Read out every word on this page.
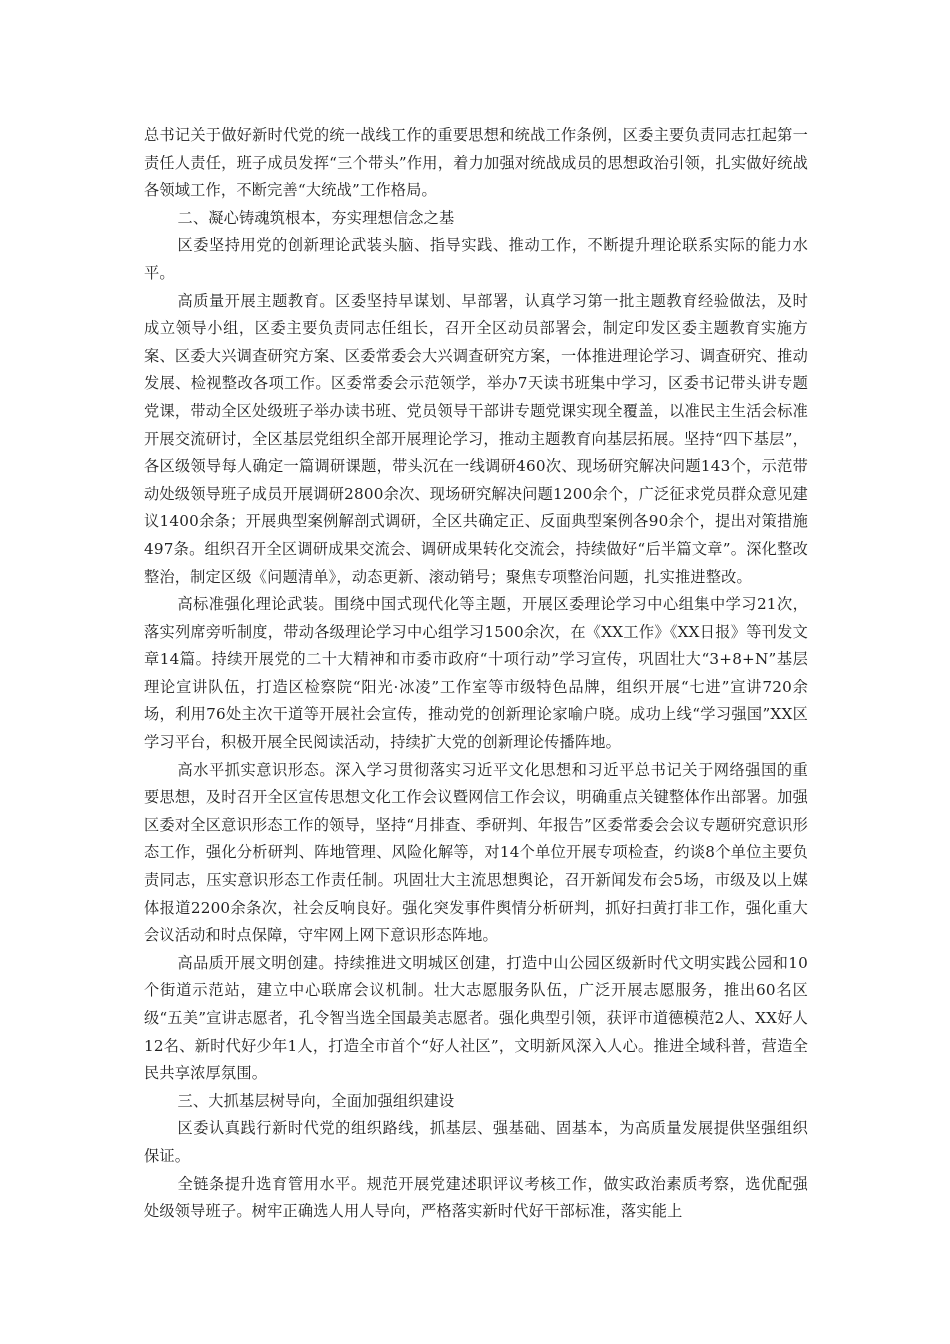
总书记关于做好新时代党的统一战线工作的重要思想和统战工作条例，区委主要负责同志扛起第一责任人责任，班子成员发挥“三个带头”作用，着力加强对统战成员的思想政治引领，扎实做好统战各领域工作，不断完善“大统战”工作格局。

二、凝心铸魂筑根本，夯实理想信念之基

区委坚持用党的创新理论武装头脑、指导实践、推动工作，不断提升理论联系实际的能力水平。

高质量开展主题教育。区委坚持早谋划、早部署，认真学习第一批主题教育经验做法，及时成立领导小组，区委主要负责同志任组长，召开全区动员部署会，制定印发区委主题教育实施方案、区委大兴调查研究方案、区委常委会大兴调查研究方案，一体推进理论学习、调查研究、推动发展、检视整改各项工作。区委常委会示范领学，举办7天读书班集中学习，区委书记带头讲专题党课，带动全区处级班子举办读书班、党员领导干部讲专题党课实现全覆盖，以准民主生活会标准开展交流研讨，全区基层党组织全部开展理论学习，推动主题教育向基层拓展。坚持“四下基层”，各区级领导每人确定一篇调研课题，带头沉在一线调研460次、现场研究解决问题143个，示范带动处级领导班子成员开展调研2800余次、现场研究解决问题1200余个，广泛征求党员群众意见建议1400余条；开展典型案例解剖式调研，全区共确定正、反面典型案例各90余个，提出对策措施497条。组织召开全区调研成果交流会、调研成果转化交流会，持续做好“后半篇文章”。深化整改整治，制定区级《问题清单》，动态更新、滚动销号；聚焦专项整治问题，扎实推进整改。

高标准强化理论武装。围绕中国式现代化等主题，开展区委理论学习中心组集中学习21次，落实列席旁听制度，带动各级理论学习中心组学习1500余次，在《XX工作》《XX日报》等刊发文章14篇。持续开展党的二十大精神和市委市政府“十项行动”学习宣传，巩固壮大“3+8+N”基层理论宣讲队伍，打造区检察院“阳光·冰凌”工作室等市级特色品牌，组织开展“七进”宣讲720余场，利用76处主次干道等开展社会宣传，推动党的创新理论家喻户晓。成功上线“学习强国”XX区学习平台，积极开展全民阅读活动，持续扩大党的创新理论传播阵地。

高水平抓实意识形态。深入学习贯彻落实习近平文化思想和习近平总书记关于网络强国的重要思想，及时召开全区宣传思想文化工作会议暨网信工作会议，明确重点关键整体作出部署。加强区委对全区意识形态工作的领导，坚持“月排查、季研判、年报告”区委常委会会议专题研究意识形态工作，强化分析研判、阵地管理、风险化解等，对14个单位开展专项检查，约谈8个单位主要负责同志，压实意识形态工作责任制。巩固壮大主流思想舆论，召开新闻发布会5场，市级及以上媒体报道2200余条次，社会反响良好。强化突发事件舆情分析研判，抓好扫黄打非工作，强化重大会议活动和时点保障，守牢网上网下意识形态阵地。

高品质开展文明创建。持续推进文明城区创建，打造中山公园区级新时代文明实践公园和10个街道示范站，建立中心联席会议机制。壮大志愿服务队伍，广泛开展志愿服务，推出60名区级“五美”宣讲志愿者，孔令智当选全国最美志愿者。强化典型引领，获评市道德模范2人、XX好人12名、新时代好少年1人，打造全市首个“好人社区”，文明新风深入人心。推进全域科普，营造全民共享浓厚氛围。

三、大抓基层树导向，全面加强组织建设

区委认真践行新时代党的组织路线，抓基层、强基础、固基本，为高质量发展提供坚强组织保证。

全链条提升选育管用水平。规范开展党建述职评议考核工作，做实政治素质考察，选优配强处级领导班子。树牢正确选人用人导向，严格落实新时代好干部标准，落实能上
